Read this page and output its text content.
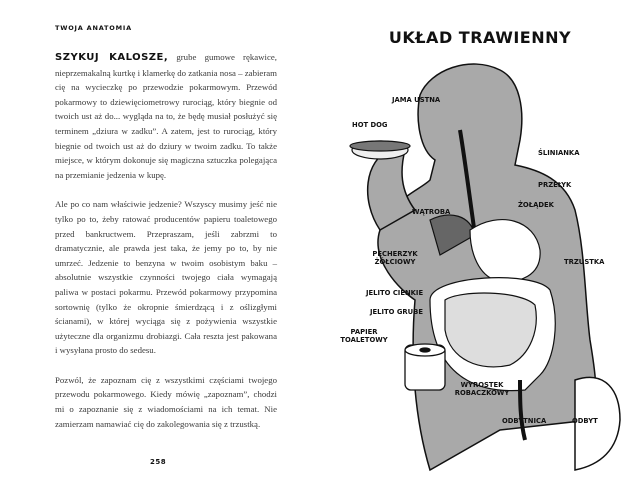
TWOJA ANATOMIA

SZYKUJ KALOSZE, grube gumowe rękawice, nieprzemakalną kurtkę i klamerkę do zatkania nosa – zabieram cię na wycieczkę po przewodzie pokarmowym. Przewód pokarmowy to dziewięciometrowy rurociąg, który biegnie od twoich ust aż do... wygląda na to, że będę musiał posłużyć się terminem „dziura w zadku”. A zatem, jest to rurociąg, który biegnie od twoich ust aż do dziury w twoim zadku. To także miejsce, w którym dokonuje się magiczna sztuczka polegająca na przemianie jedzenia w kupę.

Ale po co nam właściwie jedzenie? Wszyscy musimy jeść nie tylko po to, żeby ratować producentów papieru toaletowego przed bankructwem. Przepraszam, jeśli zabrzmi to dramatycznie, ale prawda jest taka, że jemy po to, by nie umrzeć. Jedzenie to benzyna w twoim osobistym baku – absolutnie wszystkie czynności twojego ciała wymagają paliwa w postaci pokarmu. Przewód pokarmowy przypomina sortownię (tylko że okropnie śmierdzącą i z oślizgłymi ścianami), w której wyciąga się z pożywienia wszystkie użyteczne dla organizmu drobiazgi. Cała reszta jest pakowana i wysyłana prosto do sedesu.

Pozwól, że zapoznam cię z wszystkimi częściami twojego przewodu pokarmowego. Kiedy mówię „zapoznam”, chodzi mi o zapoznanie się z wiadomościami na ich temat. Nie zamierzam namawiać cię do zakolegowania się z trzustką.

258
UKŁAD TRAWIENNY
JAMA USTNA
HOT DOG
ŚLINIANKA
PRZEŁYK
ŻOŁĄDEK
WĄTROBA
PĘCHERZYK ŻÓŁCIOWY	TRZUSTKA
JELITO CIENKIE
JELITO GRUBE
PAPIER TOALETOWY
WYROSTEK ROBACZKOWY
ODBYTNICA	ODBYT
